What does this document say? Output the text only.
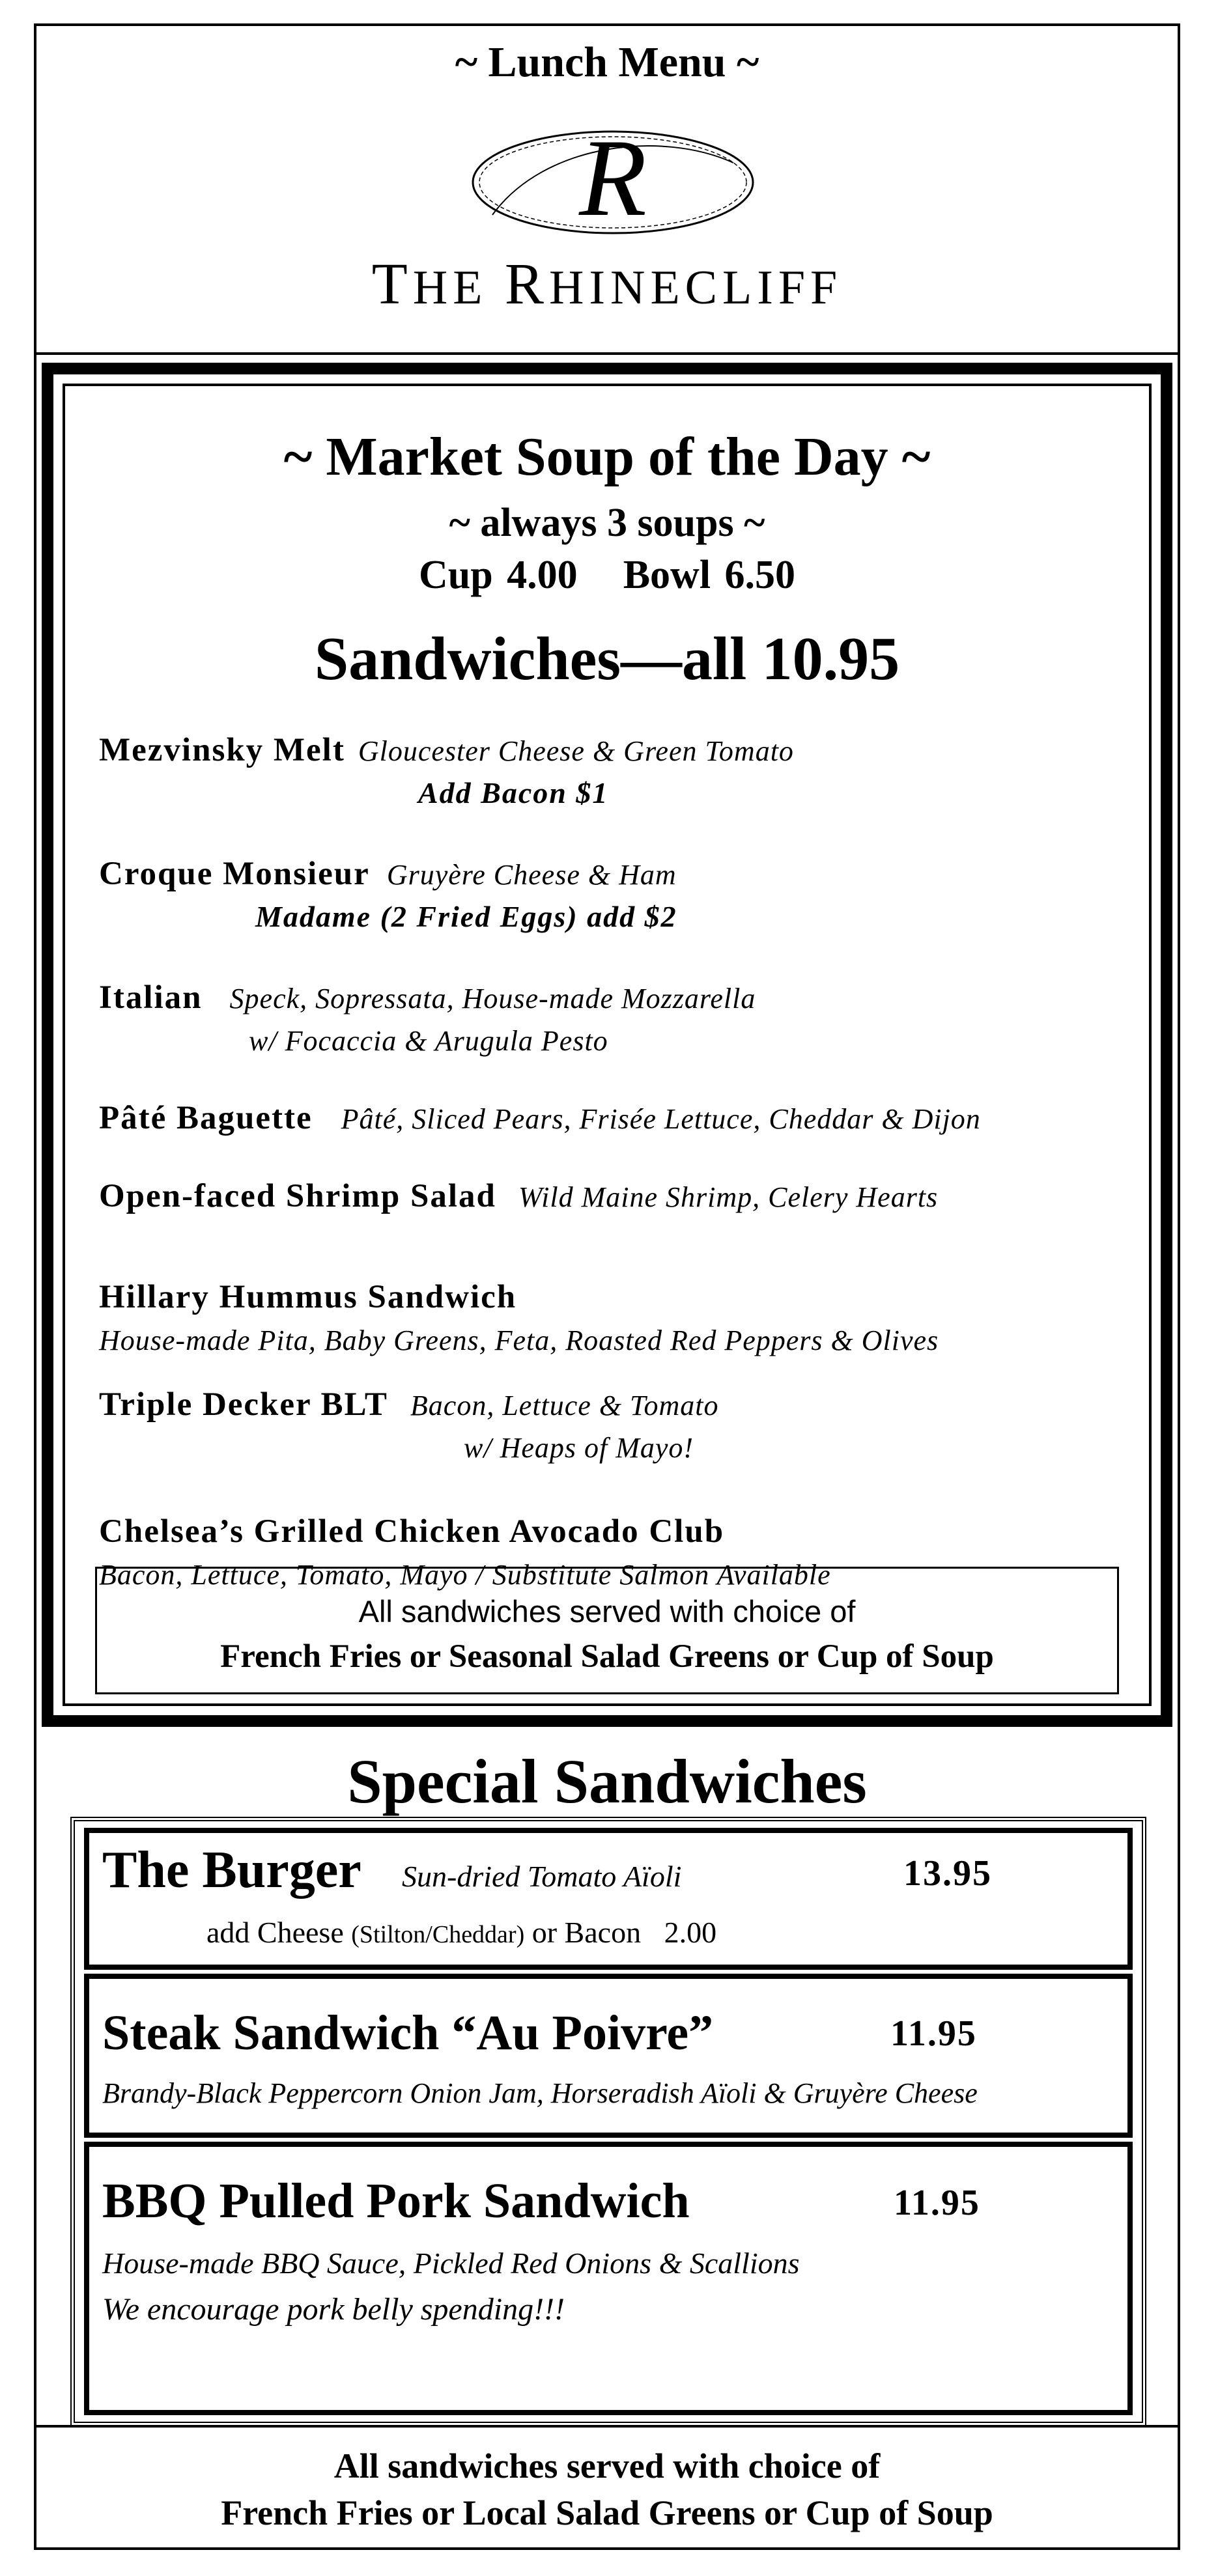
~ Lunch Menu ~
R
THE RHINECLIFF
~ Market Soup of the Day ~
~ always 3 soups ~
Cup 4.00 Bowl 6.50
Sandwiches—all 10.95
Mezvinsky Melt Gloucester Cheese & Green Tomato
Add Bacon $1
Croque Monsieur Gruyère Cheese & Ham
Madame (2 Fried Eggs) add $2
Italian Speck, Sopressata, House-made Mozzarella
w/ Focaccia & Arugula Pesto
Pâté Baguette Pâté, Sliced Pears, Frisée Lettuce, Cheddar & Dijon
Open-faced Shrimp Salad Wild Maine Shrimp, Celery Hearts
Hillary Hummus Sandwich
House-made Pita, Baby Greens, Feta, Roasted Red Peppers & Olives
Triple Decker BLT Bacon, Lettuce & Tomato
w/ Heaps of Mayo!
Chelsea’s Grilled Chicken Avocado Club
Bacon, Lettuce, Tomato, Mayo / Substitute Salmon Available
All sandwiches served with choice of
French Fries or Seasonal Salad Greens or Cup of Soup
Special Sandwiches
The Burger Sun-dried Tomato Aïoli	13.95
add Cheese (Stilton/Cheddar) or Bacon 2.00
Steak Sandwich “Au Poivre”	11.95
Brandy-Black Peppercorn Onion Jam, Horseradish Aïoli & Gruyère Cheese
BBQ Pulled Pork Sandwich	11.95
House-made BBQ Sauce, Pickled Red Onions & Scallions
We encourage pork belly spending!!!
All sandwiches served with choice of
French Fries or Local Salad Greens or Cup of Soup
